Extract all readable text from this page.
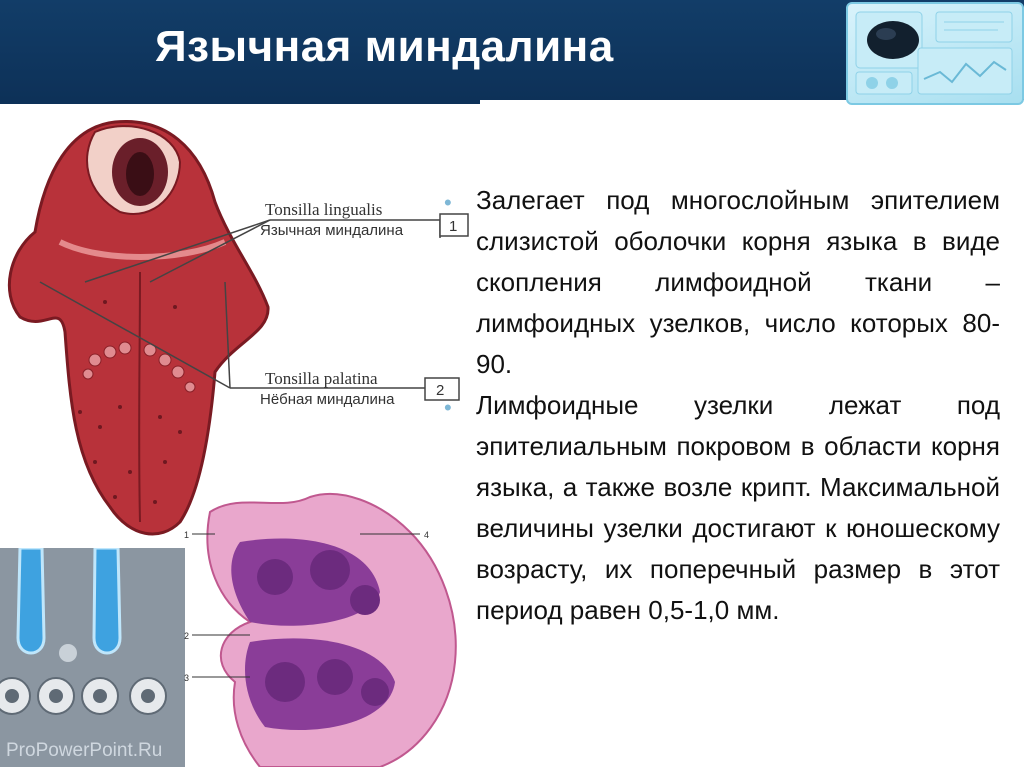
Язычная миндалина
Tonsilla lingualis
Язычная миндалина
Tonsilla palatina
Нёбная миндалина
1
2
ProPowerPoint.Ru
1
2
3
4
• Залегает под многослойным эпителием слизистой оболочки корня языка в виде скопления лимфоидной ткани – лимфоидных узелков, число которых 80-90.
• Лимфоидные узелки лежат под эпителиальным покровом в области корня языка, а также возле крипт. Максимальной величины узелки достигают к юношескому возрасту, их поперечный размер в этот период равен 0,5-1,0 мм.
